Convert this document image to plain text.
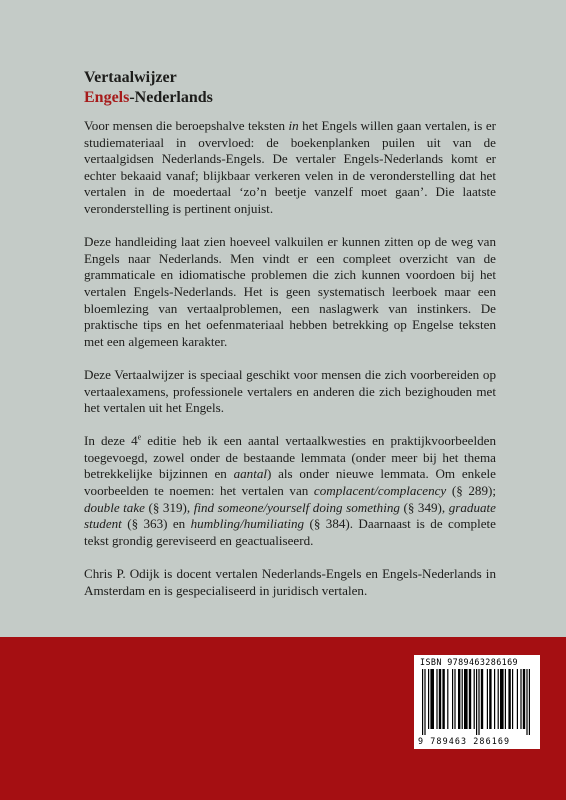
Vertaalwijzer

Engels-Nederlands

Voor mensen die beroepshalve teksten in het Engels willen gaan vertalen, is er studiemateriaal in overvloed: de boekenplanken puilen uit van de vertaalgidsen Nederlands-Engels. De vertaler Engels-Nederlands komt er echter bekaaid vanaf; blijkbaar verkeren velen in de veronderstelling dat het vertalen in de moedertaal ‘zo’n beetje vanzelf moet gaan’. Die laatste veronderstelling is pertinent onjuist.

Deze handleiding laat zien hoeveel valkuilen er kunnen zitten op de weg van Engels naar Nederlands. Men vindt er een compleet overzicht van de grammaticale en idiomatische problemen die zich kunnen voordoen bij het vertalen Engels-Nederlands. Het is geen systematisch leerboek maar een bloemlezing van vertaalproblemen, een naslagwerk van instinkers. De praktische tips en het oefenmateriaal hebben betrekking op Engelse teksten met een algemeen karakter.

Deze Vertaalwijzer is speciaal geschikt voor mensen die zich voorbereiden op vertaalexamens, professionele vertalers en anderen die zich bezighouden met het vertalen uit het Engels.

In deze 4e editie heb ik een aantal vertaalkwesties en praktijkvoorbeelden toegevoegd, zowel onder de bestaande lemmata (onder meer bij het thema betrekkelijke bijzinnen en aantal) als onder nieuwe lemmata. Om enkele voorbeelden te noemen: het vertalen van complacent/complacency (§ 289); double take (§ 319), find someone/yourself doing something (§ 349), graduate student (§ 363) en humbling/humiliating (§ 384). Daarnaast is de complete tekst grondig gereviseerd en geactualiseerd.

Chris P. Odijk is docent vertalen Nederlands-Engels en Engels-Nederlands in Amsterdam en is gespecialiseerd in juridisch vertalen.

ISBN 9789463286169
9 789463 286169
